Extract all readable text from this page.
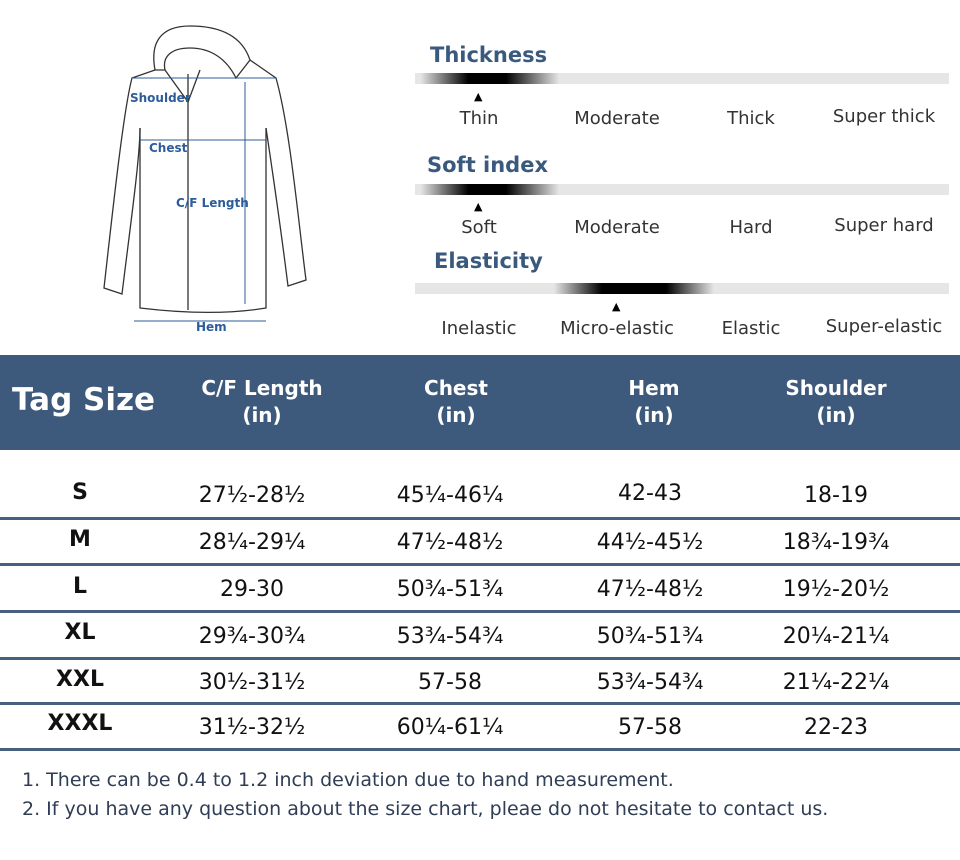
Shoulder
Chest
C/F Length
Hem
Thickness
▲
Thin	Moderate	Thick	Super thick
Soft index
▲
Soft	Moderate	Hard	Super hard
Elasticity
▲
Inelastic Micro-elastic	Elastic	Super-elastic
Tag Size	C/F Length
(in)
Chest
(in)
Hem
(in)
Shoulder
(in)
S	27½-28½	45¼-46¼	42-43	18-19
M	28¼-29¼	47½-48½	44½-45½	18¾-19¾
L	29-30	50¾-51¾	47½-48½	19½-20½
XL	29¾-30¾	53¾-54¾	50¾-51¾	20¼-21¼
XXL	30½-31½	57-58	53¾-54¾	21¼-22¼
XXXL	31½-32½	60¼-61¼	57-58	22-23
1. There can be 0.4 to 1.2 inch deviation due to hand measurement.
2. If you have any question about the size chart, pleae do not hesitate to contact us.
